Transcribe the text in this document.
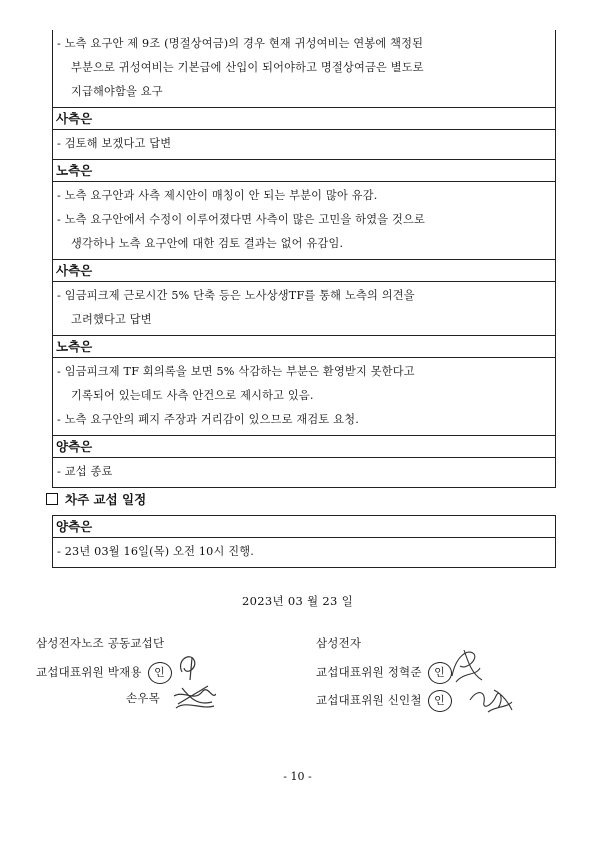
- 노측 요구안 제 9조 (명절상여금)의 경우 현재 귀성여비는 연봉에 책정된
부분으로 귀성여비는 기본급에 산입이 되어야하고 명절상여금은 별도로
지급해야함을 요구
사측은
- 검토해 보겠다고 답변
노측은
- 노측 요구안과 사측 제시안이 매칭이 안 되는 부분이 많아 유감.
- 노측 요구안에서 수정이 이루어졌다면 사측이 많은 고민을 하였을 것으로
생각하나 노측 요구안에 대한 검토 결과는 없어 유감임.
사측은
- 임금피크제 근로시간 5% 단축 등은 노사상생TF를 통해 노측의 의견을
고려했다고 답변
노측은
- 임금피크제 TF 회의록을 보면 5% 삭감하는 부분은 환영받지 못한다고
기록되어 있는데도 사측 안건으로 제시하고 있음.
- 노측 요구안의 폐지 주장과 거리감이 있으므로 재검토 요청.
양측은
- 교섭 종료
차주 교섭 일정
양측은
- 23년 03월 16일(목) 오전 10시 진행.
2023년 03 월 23 일
삼성전자노조 공동교섭단
교섭대표위원 박재용 인
손우목
삼성전자
교섭대표위원 정혁준 인
교섭대표위원 신인철 인
- 10 -
